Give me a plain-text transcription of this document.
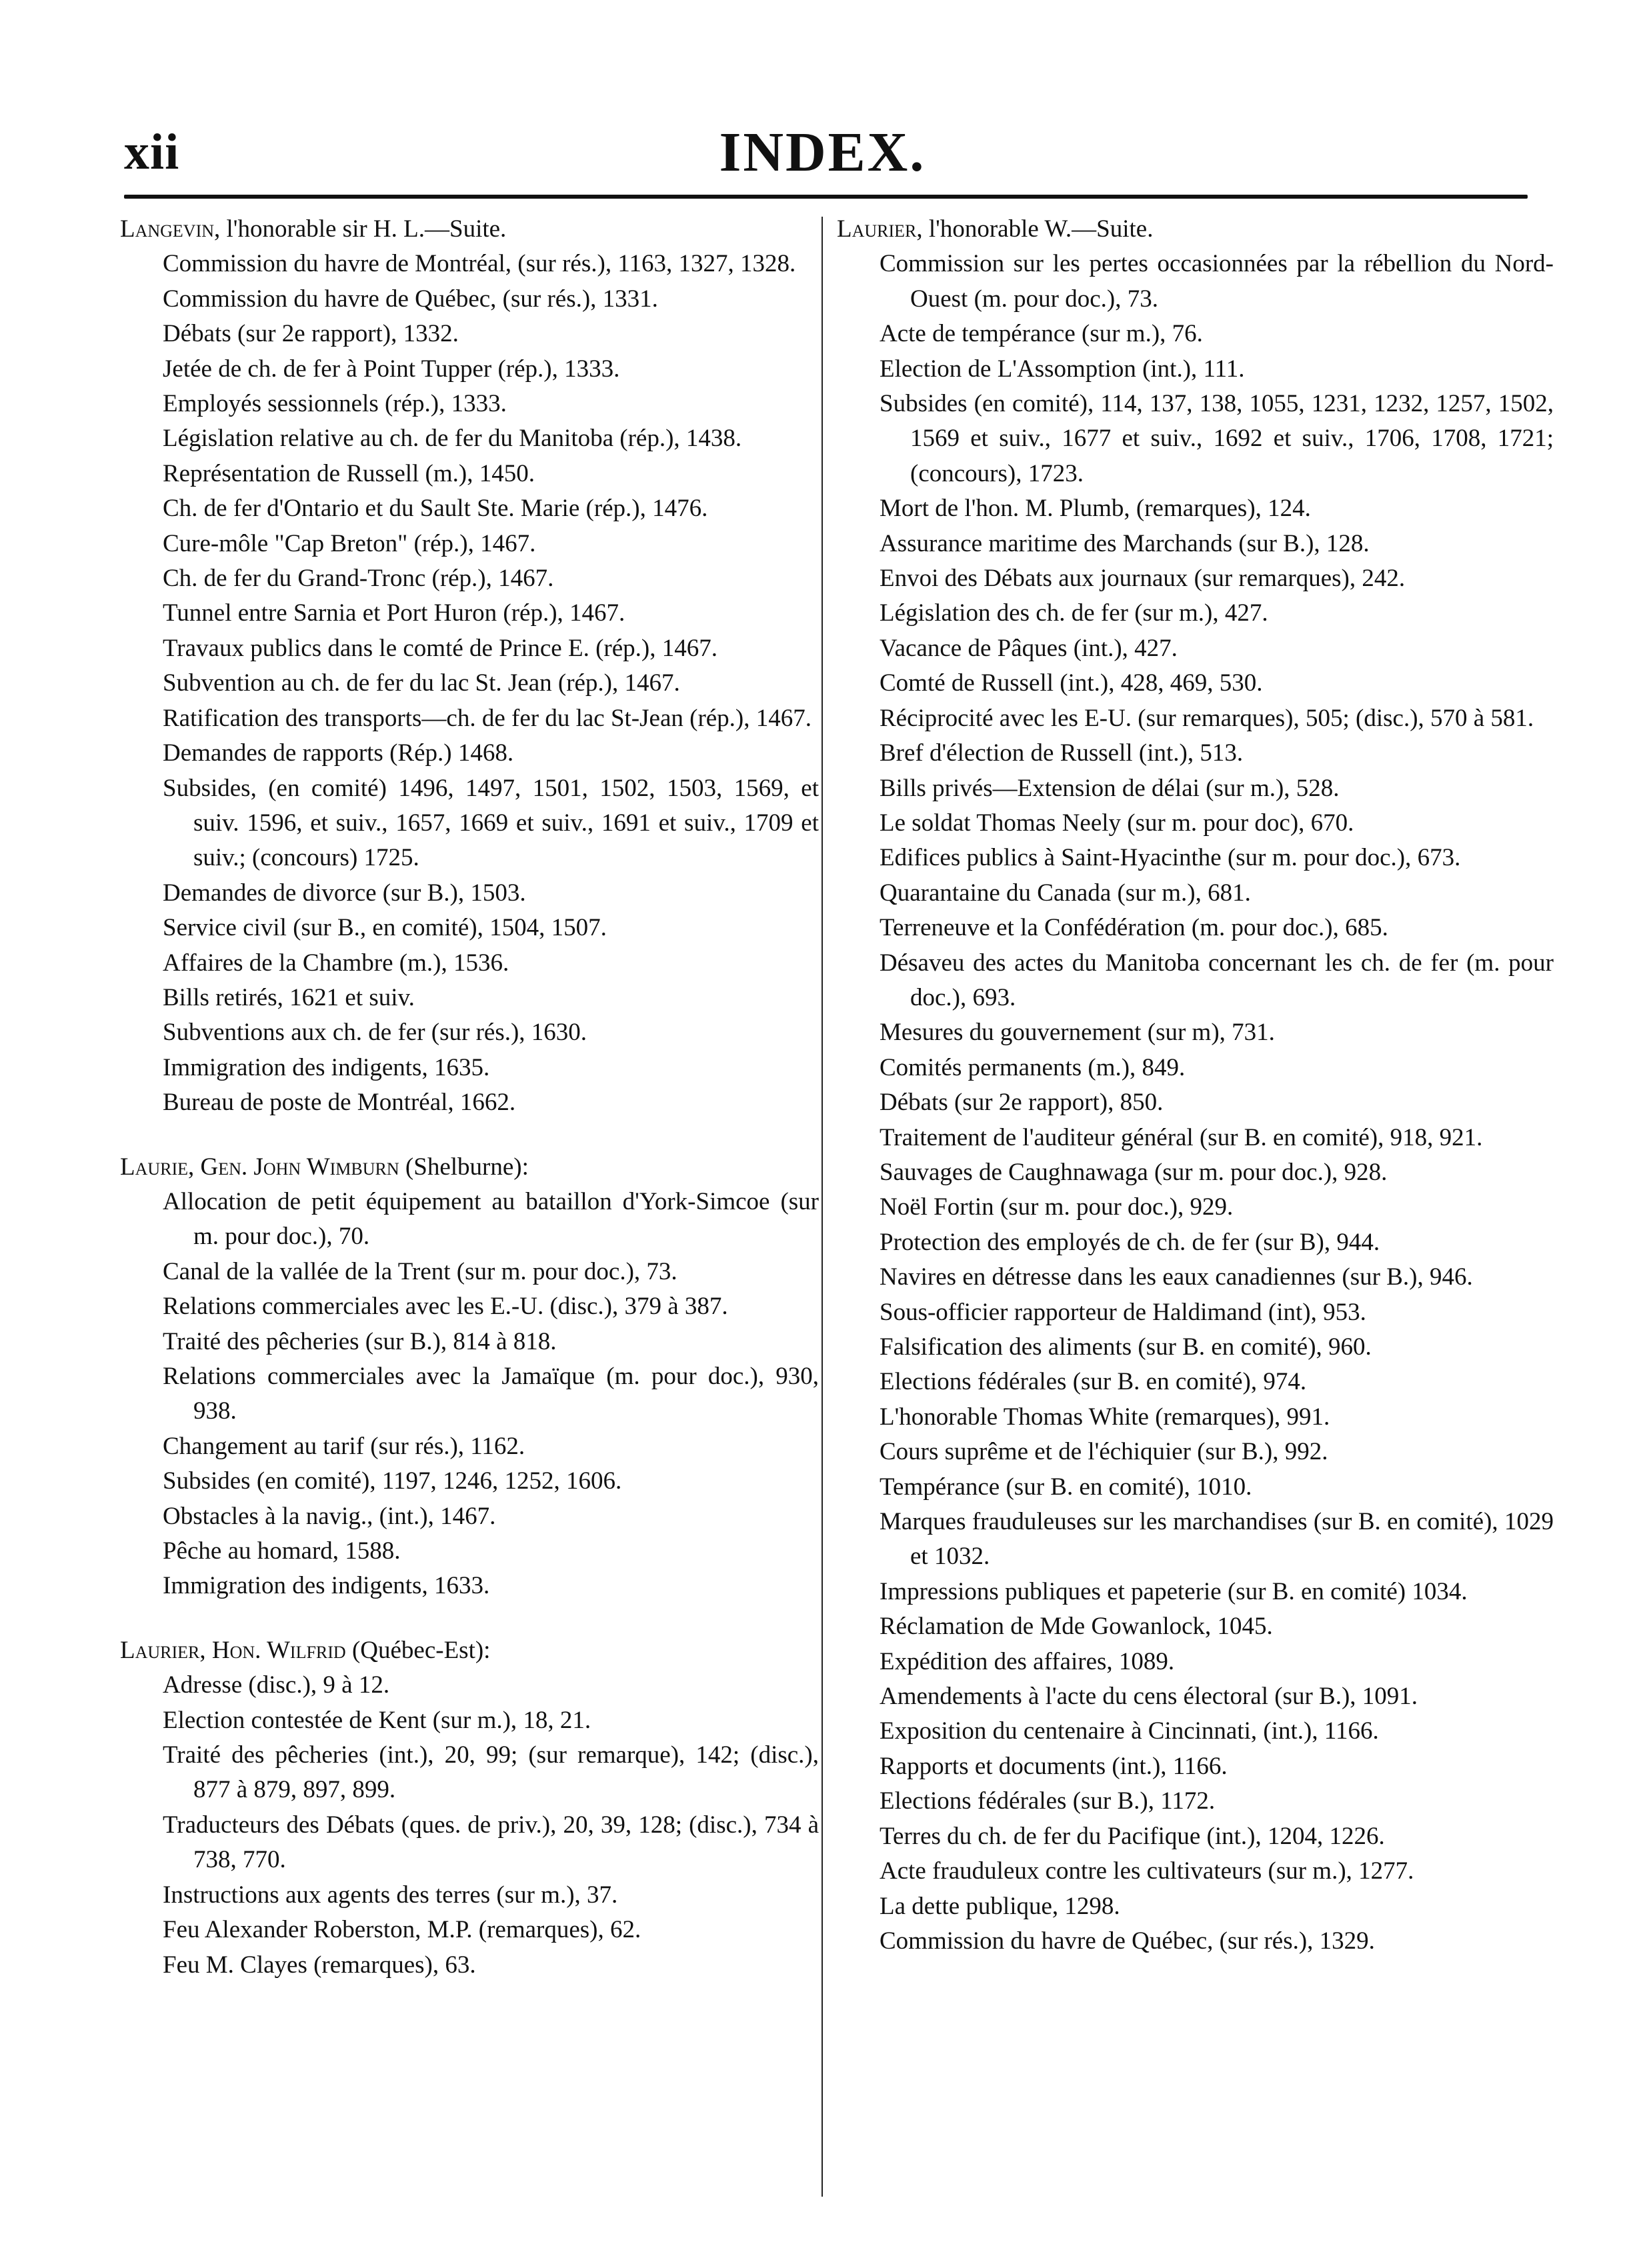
xii	INDEX.
Langevin, l'honorable sir H. L.—Suite.
Commission du havre de Montréal, (sur rés.), 1163, 1327, 1328.
Commission du havre de Québec, (sur rés.), 1331.
Débats (sur 2e rapport), 1332.
Jetée de ch. de fer à Point Tupper (rép.), 1333.
Employés sessionnels (rép.), 1333.
Législation relative au ch. de fer du Manitoba (rép.), 1438.
Représentation de Russell (m.), 1450.
Ch. de fer d'Ontario et du Sault Ste. Marie (rép.), 1476.
Cure-môle "Cap Breton" (rép.), 1467.
Ch. de fer du Grand-Tronc (rép.), 1467.
Tunnel entre Sarnia et Port Huron (rép.), 1467.
Travaux publics dans le comté de Prince E. (rép.), 1467.
Subvention au ch. de fer du lac St. Jean (rép.), 1467.
Ratification des transports—ch. de fer du lac St-Jean (rép.), 1467.
Demandes de rapports (Rép.) 1468.
Subsides, (en comité) 1496, 1497, 1501, 1502, 1503, 1569, et suiv. 1596, et suiv., 1657, 1669 et suiv., 1691 et suiv., 1709 et suiv.; (concours) 1725.
Demandes de divorce (sur B.), 1503.
Service civil (sur B., en comité), 1504, 1507.
Affaires de la Chambre (m.), 1536.
Bills retirés, 1621 et suiv.
Subventions aux ch. de fer (sur rés.), 1630.
Immigration des indigents, 1635.
Bureau de poste de Montréal, 1662.
Laurie, Gen. John Wimburn (Shelburne):
Allocation de petit équipement au bataillon d'York-Simcoe (sur m. pour doc.), 70.
Canal de la vallée de la Trent (sur m. pour doc.), 73.
Relations commerciales avec les E.-U. (disc.), 379 à 387.
Traité des pêcheries (sur B.), 814 à 818.
Relations commerciales avec la Jamaïque (m. pour doc.), 930, 938.
Changement au tarif (sur rés.), 1162.
Subsides (en comité), 1197, 1246, 1252, 1606.
Obstacles à la navig., (int.), 1467.
Pêche au homard, 1588.
Immigration des indigents, 1633.
Laurier, Hon. Wilfrid (Québec-Est):
Adresse (disc.), 9 à 12.
Election contestée de Kent (sur m.), 18, 21.
Traité des pêcheries (int.), 20, 99; (sur remarque), 142; (disc.), 877 à 879, 897, 899.
Traducteurs des Débats (ques. de priv.), 20, 39, 128; (disc.), 734 à 738, 770.
Instructions aux agents des terres (sur m.), 37.
Feu Alexander Roberston, M.P. (remarques), 62.
Feu M. Clayes (remarques), 63.
Laurier, l'honorable W.—Suite.
Commission sur les pertes occasionnées par la rébellion du Nord-Ouest (m. pour doc.), 73.
Acte de tempérance (sur m.), 76.
Election de L'Assomption (int.), 111.
Subsides (en comité), 114, 137, 138, 1055, 1231, 1232, 1257, 1502, 1569 et suiv., 1677 et suiv., 1692 et suiv., 1706, 1708, 1721; (concours), 1723.
Mort de l'hon. M. Plumb, (remarques), 124.
Assurance maritime des Marchands (sur B.), 128.
Envoi des Débats aux journaux (sur remarques), 242.
Législation des ch. de fer (sur m.), 427.
Vacance de Pâques (int.), 427.
Comté de Russell (int.), 428, 469, 530.
Réciprocité avec les E-U. (sur remarques), 505; (disc.), 570 à 581.
Bref d'élection de Russell (int.), 513.
Bills privés—Extension de délai (sur m.), 528.
Le soldat Thomas Neely (sur m. pour doc), 670.
Edifices publics à Saint-Hyacinthe (sur m. pour doc.), 673.
Quarantaine du Canada (sur m.), 681.
Terreneuve et la Confédération (m. pour doc.), 685.
Désaveu des actes du Manitoba concernant les ch. de fer (m. pour doc.), 693.
Mesures du gouvernement (sur m), 731.
Comités permanents (m.), 849.
Débats (sur 2e rapport), 850.
Traitement de l'auditeur général (sur B. en comité), 918, 921.
Sauvages de Caughnawaga (sur m. pour doc.), 928.
Noël Fortin (sur m. pour doc.), 929.
Protection des employés de ch. de fer (sur B), 944.
Navires en détresse dans les eaux canadiennes (sur B.), 946.
Sous-officier rapporteur de Haldimand (int), 953.
Falsification des aliments (sur B. en comité), 960.
Elections fédérales (sur B. en comité), 974.
L'honorable Thomas White (remarques), 991.
Cours suprême et de l'échiquier (sur B.), 992.
Tempérance (sur B. en comité), 1010.
Marques frauduleuses sur les marchandises (sur B. en comité), 1029 et 1032.
Impressions publiques et papeterie (sur B. en comité) 1034.
Réclamation de Mde Gowanlock, 1045.
Expédition des affaires, 1089.
Amendements à l'acte du cens électoral (sur B.), 1091.
Exposition du centenaire à Cincinnati, (int.), 1166.
Rapports et documents (int.), 1166.
Elections fédérales (sur B.), 1172.
Terres du ch. de fer du Pacifique (int.), 1204, 1226.
Acte frauduleux contre les cultivateurs (sur m.), 1277.
La dette publique, 1298.
Commission du havre de Québec, (sur rés.), 1329.
